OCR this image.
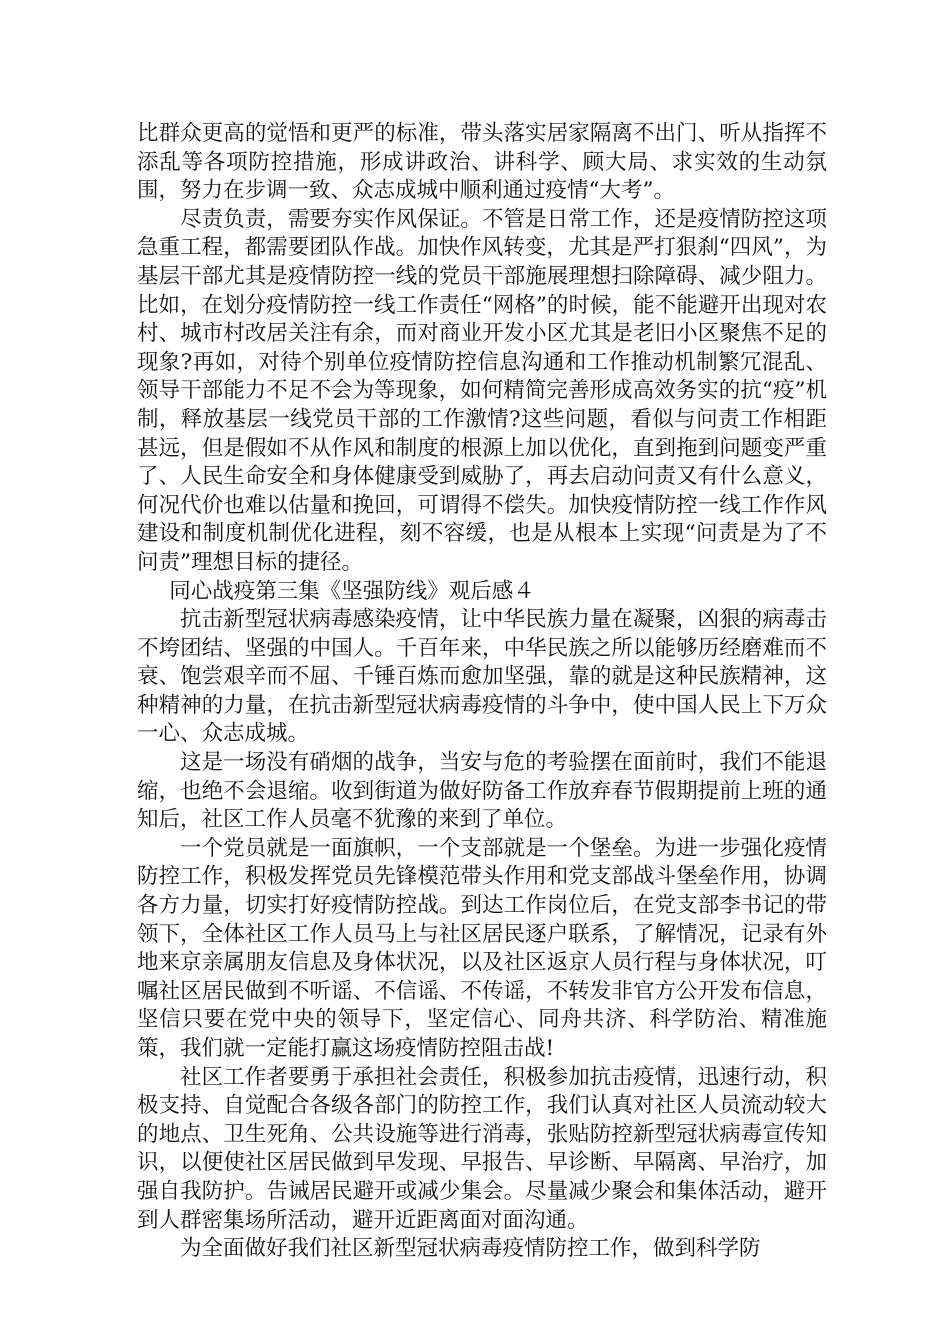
比群众更高的觉悟和更严的标准，带头落实居家隔离不出门、听从指挥不添乱等各项防控措施，形成讲政治、讲科学、顾大局、求实效的生动氛围，努力在步调一致、众志成城中顺利通过疫情“大考”。

尽责负责，需要夯实作风保证。不管是日常工作，还是疫情防控这项急重工程，都需要团队作战。加快作风转变，尤其是严打狠刹“四风”，为基层干部尤其是疫情防控一线的党员干部施展理想扫除障碍、减少阻力。比如，在划分疫情防控一线工作责任“网格”的时候，能不能避开出现对农村、城市村改居关注有余，而对商业开发小区尤其是老旧小区聚焦不足的现象?再如，对待个别单位疫情防控信息沟通和工作推动机制繁冗混乱、领导干部能力不足不会为等现象，如何精简完善形成高效务实的抗“疫”机制，释放基层一线党员干部的工作激情?这些问题，看似与问责工作相距甚远，但是假如不从作风和制度的根源上加以优化，直到拖到问题变严重了、人民生命安全和身体健康受到威胁了，再去启动问责又有什么意义，何况代价也难以估量和挽回，可谓得不偿失。加快疫情防控一线工作作风建设和制度机制优化进程，刻不容缓，也是从根本上实现“问责是为了不问责”理想目标的捷径。

同心战疫第三集《坚强防线》观后感４

抗击新型冠状病毒感染疫情，让中华民族力量在凝聚，凶狠的病毒击不垮团结、坚强的中国人。千百年来，中华民族之所以能够历经磨难而不衰、饱尝艰辛而不屈、千锤百炼而愈加坚强，靠的就是这种民族精神，这种精神的力量，在抗击新型冠状病毒疫情的斗争中，使中国人民上下万众一心、众志成城。

这是一场没有硝烟的战争，当安与危的考验摆在面前时，我们不能退缩，也绝不会退缩。收到街道为做好防备工作放弃春节假期提前上班的通知后，社区工作人员毫不犹豫的来到了单位。

一个党员就是一面旗帜，一个支部就是一个堡垒。为进一步强化疫情防控工作，积极发挥党员先锋模范带头作用和党支部战斗堡垒作用，协调各方力量，切实打好疫情防控战。到达工作岗位后，在党支部李书记的带领下，全体社区工作人员马上与社区居民逐户联系，了解情况，记录有外地来京亲属朋友信息及身体状况，以及社区返京人员行程与身体状况，叮嘱社区居民做到不听谣、不信谣、不传谣，不转发非官方公开发布信息，坚信只要在党中央的领导下，坚定信心、同舟共济、科学防治、精准施策，我们就一定能打赢这场疫情防控阻击战!

社区工作者要勇于承担社会责任，积极参加抗击疫情，迅速行动，积极支持、自觉配合各级各部门的防控工作，我们认真对社区人员流动较大的地点、卫生死角、公共设施等进行消毒，张贴防控新型冠状病毒宣传知识，以便使社区居民做到早发现、早报告、早诊断、早隔离、早治疗，加强自我防护。告诫居民避开或减少集会。尽量减少聚会和集体活动，避开到人群密集场所活动，避开近距离面对面沟通。

为全面做好我们社区新型冠状病毒疫情防控工作，做到科学防
